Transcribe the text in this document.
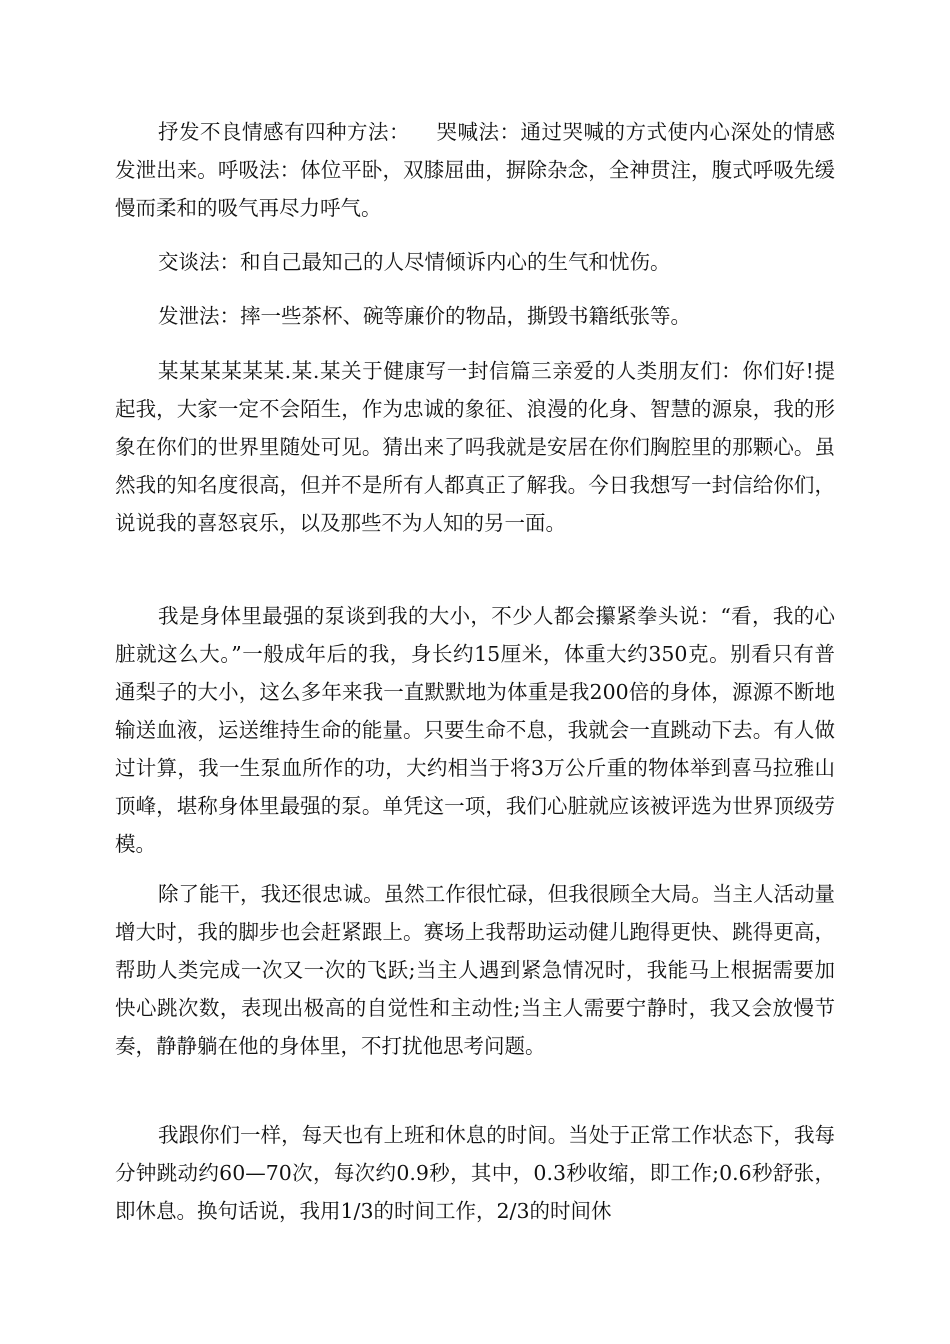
抒发不良情感有四种方法： 哭喊法：通过哭喊的方式使内心深处的情感发泄出来。呼吸法：体位平卧，双膝屈曲，摒除杂念，全神贯注，腹式呼吸先缓慢而柔和的吸气再尽力呼气。

交谈法：和自己最知己的人尽情倾诉内心的生气和忧伤。

发泄法：摔一些茶杯、碗等廉价的物品，撕毁书籍纸张等。

某某某某某某.某.某关于健康写一封信篇三亲爱的人类朋友们：你们好!提起我，大家一定不会陌生，作为忠诚的象征、浪漫的化身、智慧的源泉，我的形象在你们的世界里随处可见。猜出来了吗我就是安居在你们胸腔里的那颗心。虽然我的知名度很高，但并不是所有人都真正了解我。今日我想写一封信给你们，说说我的喜怒哀乐，以及那些不为人知的另一面。

我是身体里最强的泵谈到我的大小，不少人都会攥紧拳头说：“看，我的心脏就这么大。”一般成年后的我，身长约15厘米，体重大约350克。别看只有普通梨子的大小，这么多年来我一直默默地为体重是我200倍的身体，源源不断地输送血液，运送维持生命的能量。只要生命不息，我就会一直跳动下去。有人做过计算，我一生泵血所作的功，大约相当于将3万公斤重的物体举到喜马拉雅山顶峰，堪称身体里最强的泵。单凭这一项，我们心脏就应该被评选为世界顶级劳模。

除了能干，我还很忠诚。虽然工作很忙碌，但我很顾全大局。当主人活动量增大时，我的脚步也会赶紧跟上。赛场上我帮助运动健儿跑得更快、跳得更高，帮助人类完成一次又一次的飞跃;当主人遇到紧急情况时，我能马上根据需要加快心跳次数，表现出极高的自觉性和主动性;当主人需要宁静时，我又会放慢节奏，静静躺在他的身体里，不打扰他思考问题。

我跟你们一样，每天也有上班和休息的时间。当处于正常工作状态下，我每分钟跳动约60—70次，每次约0.9秒，其中，0.3秒收缩，即工作;0.6秒舒张，即休息。换句话说，我用1/3的时间工作，2/3的时间休
